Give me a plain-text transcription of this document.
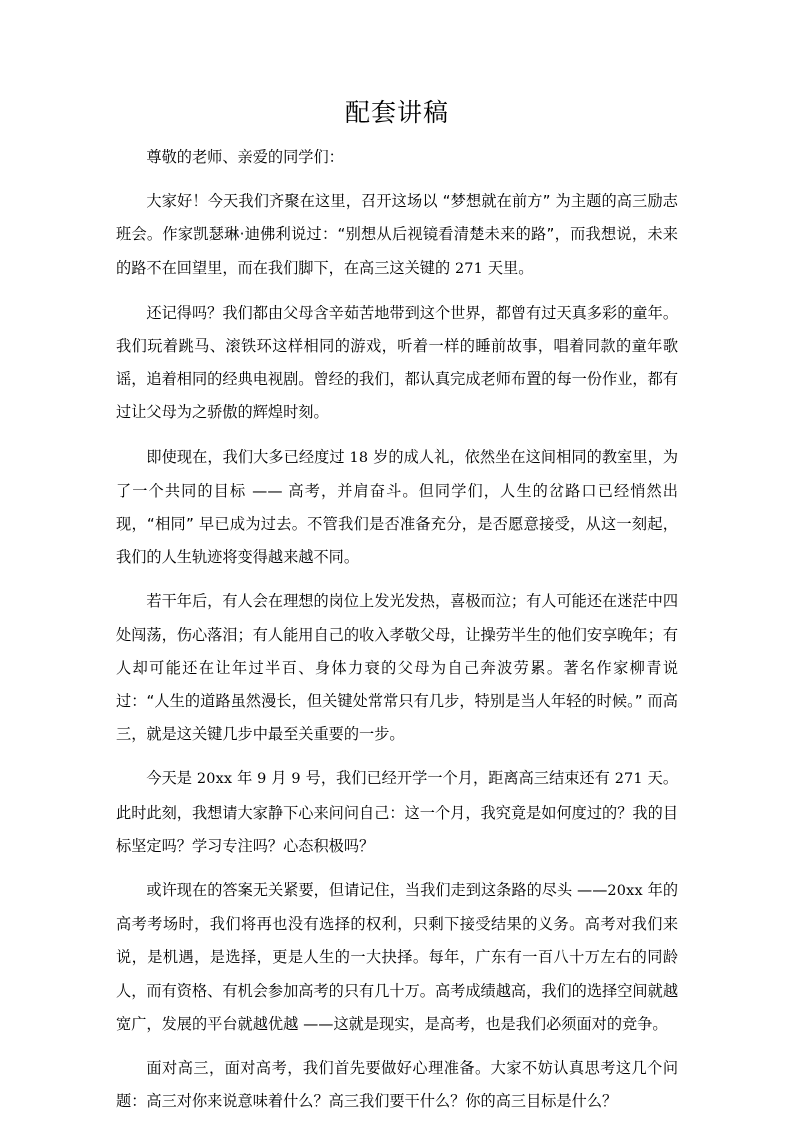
配套讲稿

尊敬的老师、亲爱的同学们：

大家好！今天我们齐聚在这里，召开这场以 “梦想就在前方” 为主题的高三励志班会。作家凯瑟琳·迪佛利说过：“别想从后视镜看清楚未来的路”，而我想说，未来的路不在回望里，而在我们脚下，在高三这关键的 271 天里。

还记得吗？我们都由父母含辛茹苦地带到这个世界，都曾有过天真多彩的童年。我们玩着跳马、滚铁环这样相同的游戏，听着一样的睡前故事，唱着同款的童年歌谣，追着相同的经典电视剧。曾经的我们，都认真完成老师布置的每一份作业，都有过让父母为之骄傲的辉煌时刻。

即使现在，我们大多已经度过 18 岁的成人礼，依然坐在这间相同的教室里，为了一个共同的目标 —— 高考，并肩奋斗。但同学们，人生的岔路口已经悄然出现，“相同” 早已成为过去。不管我们是否准备充分，是否愿意接受，从这一刻起，我们的人生轨迹将变得越来越不同。

若干年后，有人会在理想的岗位上发光发热，喜极而泣；有人可能还在迷茫中四处闯荡，伤心落泪；有人能用自己的收入孝敬父母，让操劳半生的他们安享晚年；有人却可能还在让年过半百、身体力衰的父母为自己奔波劳累。著名作家柳青说过：“人生的道路虽然漫长，但关键处常常只有几步，特别是当人年轻的时候。” 而高三，就是这关键几步中最至关重要的一步。

今天是 20xx 年 9 月 9 号，我们已经开学一个月，距离高三结束还有 271 天。此时此刻，我想请大家静下心来问问自己：这一个月，我究竟是如何度过的？我的目标坚定吗？学习专注吗？心态积极吗？

或许现在的答案无关紧要，但请记住，当我们走到这条路的尽头 ——20xx 年的高考考场时，我们将再也没有选择的权利，只剩下接受结果的义务。高考对我们来说，是机遇，是选择，更是人生的一大抉择。每年，广东有一百八十万左右的同龄人，而有资格、有机会参加高考的只有几十万。高考成绩越高，我们的选择空间就越宽广，发展的平台就越优越 ——这就是现实，是高考，也是我们必须面对的竞争。

面对高三，面对高考，我们首先要做好心理准备。大家不妨认真思考这几个问题：高三对你来说意味着什么？高三我们要干什么？你的高三目标是什么？
